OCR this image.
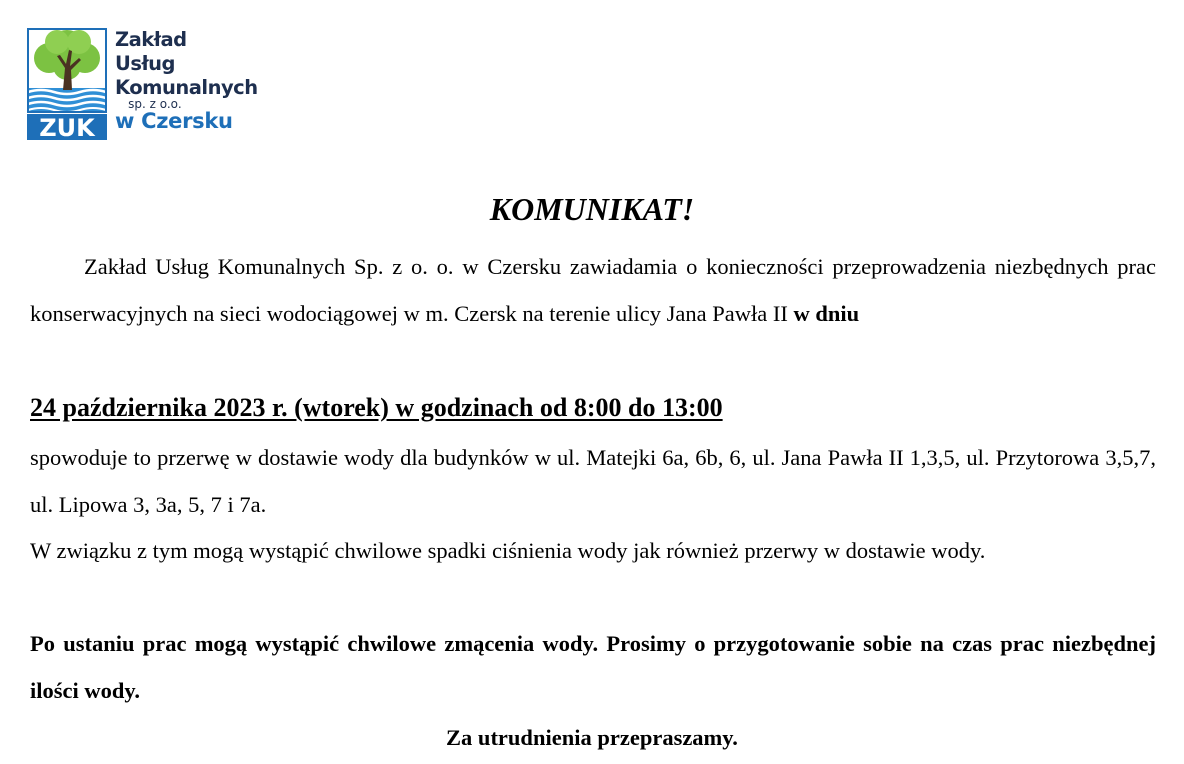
ZUK
Zakład
Usług
Komunalnych
sp. z o.o.
w Czersku
KOMUNIKAT!

Zakład Usług Komunalnych Sp. z o. o. w Czersku zawiadamia o konieczności przeprowadzenia niezbędnych prac konserwacyjnych na sieci wodociągowej w m. Czersk na terenie ulicy Jana Pawła II w dniu

24 października 2023 r. (wtorek) w godzinach od 8:00 do 13:00

spowoduje to przerwę w dostawie wody dla budynków w ul. Matejki 6a, 6b, 6, ul. Jana Pawła II 1,3,5, ul. Przytorowa 3,5,7, ul. Lipowa 3, 3a, 5, 7 i 7a.

W związku z tym mogą wystąpić chwilowe spadki ciśnienia wody jak również przerwy w dostawie wody.

Po ustaniu prac mogą wystąpić chwilowe zmącenia wody. Prosimy o przygotowanie sobie na czas prac niezbędnej ilości wody.

Za utrudnienia przepraszamy.
